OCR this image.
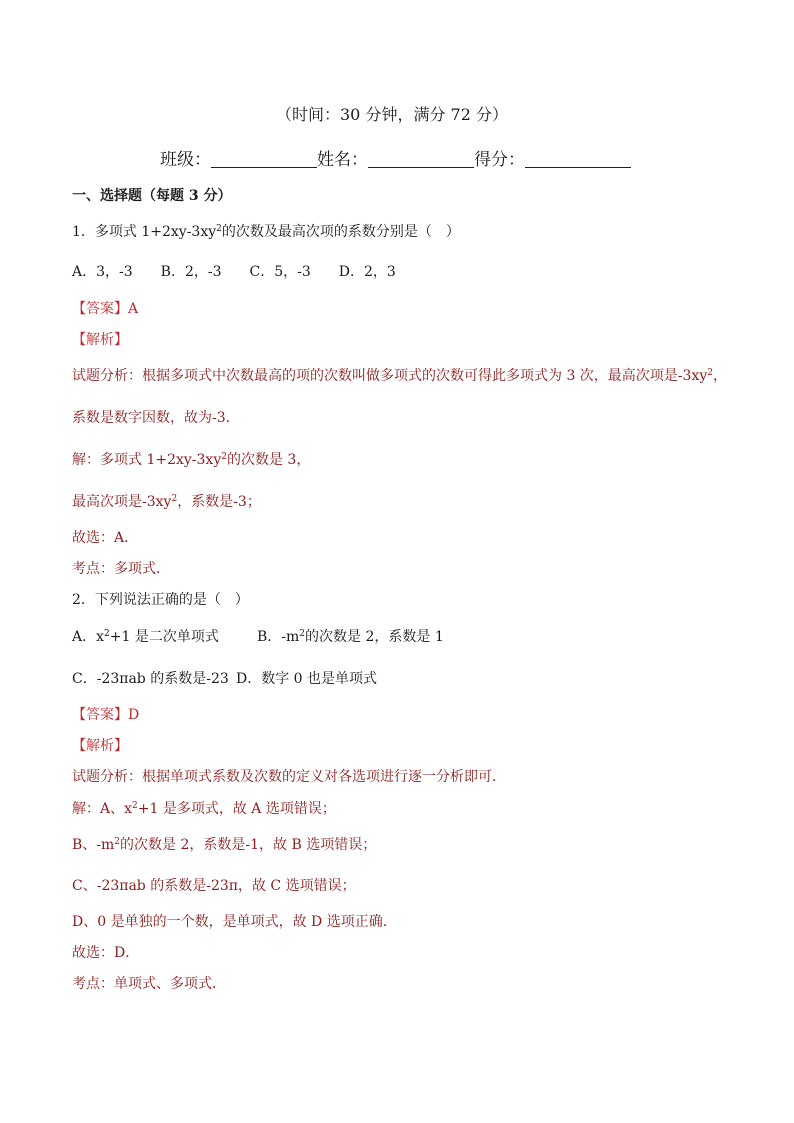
（时间：30 分钟，满分 72 分）
班级：	姓名：	得分：
一、选择题（每题 3 分）
1．多项式 $1+2xy-3xy^2$的次数及最高次项的系数分别是（　）
A．3，-3　　B．2，-3　　C．5，-3　　D．2，3
【答案】A
【解析】
试题分析：根据多项式中次数最高的项的次数叫做多项式的次数可得此多项式为 3 次，最高次项是$-3xy^2$，
系数是数字因数，故为-3．
解：多项式 $1+2xy-3xy^2$的次数是 3，
最高次项是$-3xy^2$，系数是-3；
故选：A．
考点：多项式．
2．下列说法正确的是（　）
A．$x^2+1$ 是二次单项式	B．$-m^2$的次数是 2，系数是 1
C．-23πab 的系数是-23 D．数字 0 也是单项式
【答案】D
【解析】
试题分析：根据单项式系数及次数的定义对各选项进行逐一分析即可．
解：A、$x^2+1$ 是多项式，故 A 选项错误；
B、$-m^2$的次数是 2，系数是-1，故 B 选项错误；
C、-23πab 的系数是-23π，故 C 选项错误；
D、0 是单独的一个数，是单项式，故 D 选项正确．
故选：D．
考点：单项式、多项式．
